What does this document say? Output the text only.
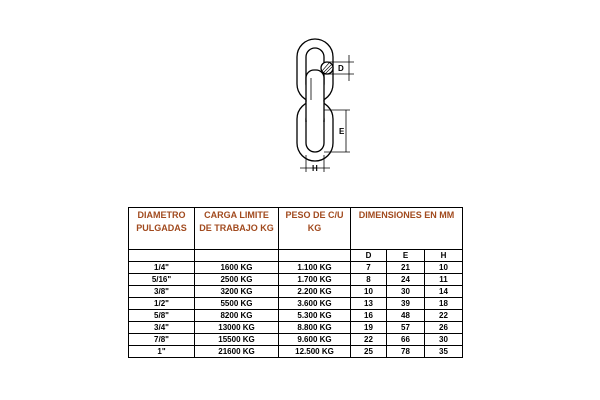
D
E
H
DIAMETRO PULGADAS	CARGA LIMITE DE TRABAJO KG	PESO DE C/U KG	DIMENSIONES EN MM		
			D	E	H
1/4"	1600 KG	1.100 KG	7	21	10
5/16"	2500 KG	1.700 KG	8	24	11
3/8"	3200 KG	2.200 KG	10	30	14
1/2"	5500 KG	3.600 KG	13	39	18
5/8"	8200 KG	5.300 KG	16	48	22
3/4"	13000 KG	8.800 KG	19	57	26
7/8"	15500 KG	9.600 KG	22	66	30
1"	21600 KG	12.500 KG	25	78	35
